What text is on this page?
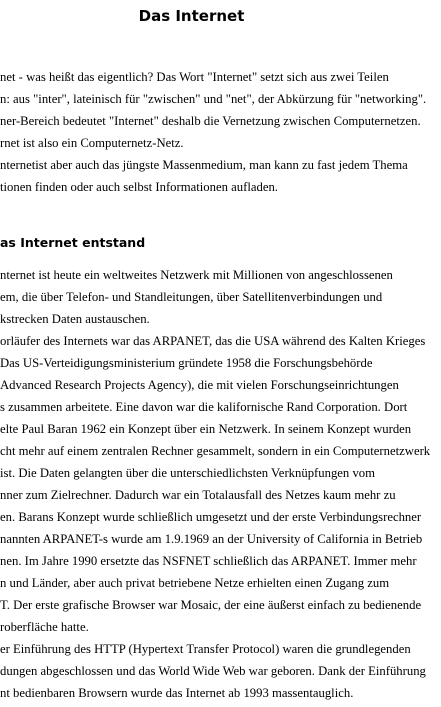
Das Internet
net - was heißt das eigentlich? Das Wort "Internet" setzt sich aus zwei Teilen
n: aus "inter", lateinisch für "zwischen" und "net", der Abkürzung für "networking".
ner-Bereich bedeutet "Internet" deshalb die Vernetzung zwischen Computernetzen.
rnet ist also ein Computernetz-Netz.
nternetist aber auch das jüngste Massenmedium, man kann zu fast jedem Thema
tionen finden oder auch selbst Informationen aufladen.
as Internet entstand
nternet ist heute ein weltweites Netzwerk mit Millionen von angeschlossenen
em, die über Telefon- und Standleitungen, über Satellitenverbindungen und
kstrecken Daten austauschen.
orläufer des Internets war das ARPANET, das die USA während des Kalten Krieges
Das US-Verteidigungsministerium gründete 1958 die Forschungsbehörde
Advanced Research Projects Agency), die mit vielen Forschungseinrichtungen
s zusammen arbeitete. Eine davon war die kalifornische Rand Corporation. Dort
elte Paul Baran 1962 ein Konzept über ein Netzwerk. In seinem Konzept wurden
cht mehr auf einem zentralen Rechner gesammelt, sondern in ein Computernetzwerk
ist. Die Daten gelangten über die unterschiedlichsten Verknüpfungen vom
nner zum Zielrechner. Dadurch war ein Totalausfall des Netzes kaum mehr zu
en. Barans Konzept wurde schließlich umgesetzt und der erste Verbindungsrechner
nannten ARPANET-s wurde am 1.9.1969 an der University of California in Betrieb
nen. Im Jahre 1990 ersetzte das NSFNET schließlich das ARPANET. Immer mehr
n und Länder, aber auch privat betriebene Netze erhielten einen Zugang zum
T. Der erste grafische Browser war Mosaic, der eine äußerst einfach zu bedienende
roberfläche hatte.
er Einführung des HTTP (Hypertext Transfer Protocol) waren die grundlegenden
dungen abgeschlossen und das World Wide Web war geboren. Dank der Einführung
nt bedienbaren Browsern wurde das Internet ab 1993 massentauglich.
